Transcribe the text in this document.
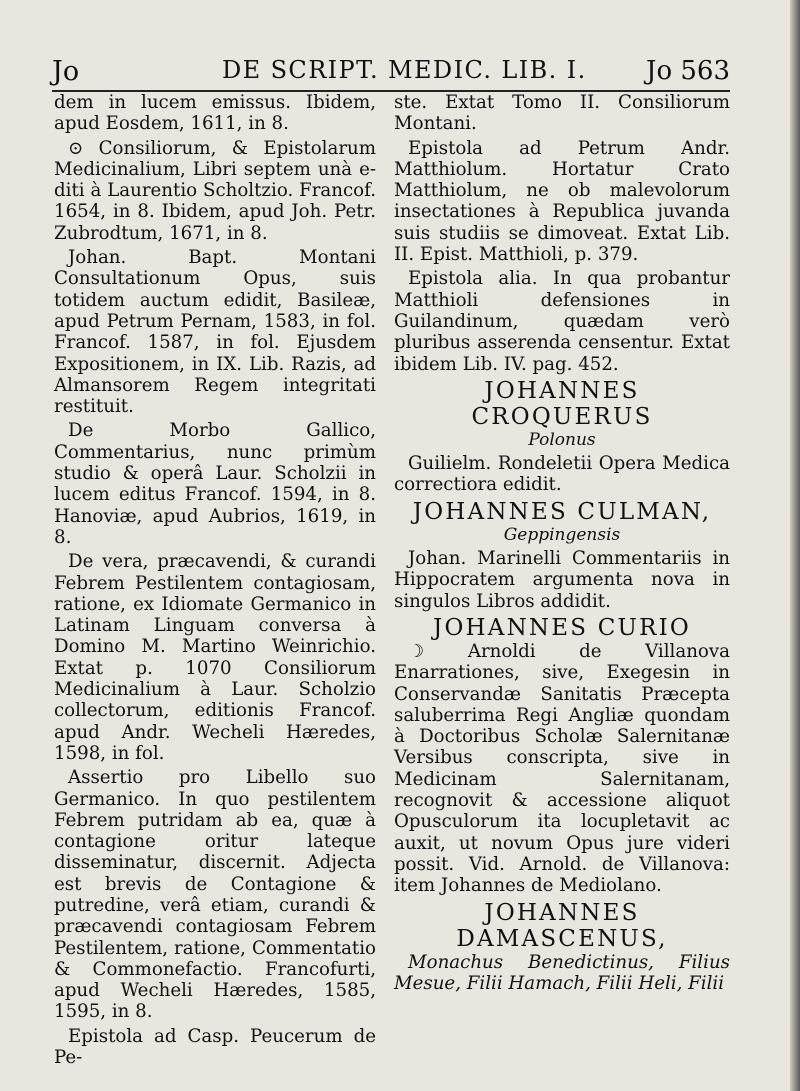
Jo	DE SCRIPT. MEDIC. LIB. I. Jo 563

dem in lucem emissus. Ibidem, apud Eosdem, 1611, in 8.

⊙ Consiliorum, & Epistolarum Medicinalium, Libri septem unà e-diti à Laurentio Scholtzio. Francof. 1654, in 8. Ibidem, apud Joh. Petr. Zubrodtum, 1671, in 8.

Johan. Bapt. Montani Consultationum Opus, suis totidem auctum edidit, Basileæ, apud Petrum Pernam, 1583, in fol. Francof. 1587, in fol. Ejusdem Expositionem, in IX. Lib. Razis, ad Almansorem Regem integritati restituit.

De Morbo Gallico, Commentarius, nunc primùm studio & operâ Laur. Scholzii in lucem editus Francof. 1594, in 8. Hanoviæ, apud Aubrios, 1619, in 8.

De vera, præcavendi, & curandi Febrem Pestilentem contagiosam, ratione, ex Idiomate Germanico in Latinam Linguam conversa à Domino M. Martino Weinrichio. Extat p. 1070 Consiliorum Medicinalium à Laur. Scholzio collectorum, editionis Francof. apud Andr. Wecheli Hæredes, 1598, in fol.

Assertio pro Libello suo Germanico. In quo pestilentem Febrem putridam ab ea, quæ à contagione oritur lateque disseminatur, discernit. Adjecta est brevis de Contagione & putredine, verâ etiam, curandi & præcavendi contagiosam Febrem Pestilentem, ratione, Commentatio & Commonefactio. Francofurti, apud Wecheli Hæredes, 1585, 1595, in 8.

Epistola ad Casp. Peucerum de Pe-

ste. Extat Tomo II. Consiliorum Montani.

Epistola ad Petrum Andr. Matthiolum. Hortatur Crato Matthiolum, ne ob malevolorum insectationes à Republica juvanda suis studiis se dimoveat. Extat Lib. II. Epist. Matthioli, p. 379.

Epistola alia. In qua probantur Matthioli defensiones in Guilandinum, quædam verò pluribus asserenda censentur. Extat ibidem Lib. IV. pag. 452.

JOHANNES CROQUERUS
Polonus

Guilielm. Rondeletii Opera Medica correctiora edidit.

JOHANNES CULMAN,
Geppingensis

Johan. Marinelli Commentariis in Hippocratem argumenta nova in singulos Libros addidit.

JOHANNES CURIO

☽ Arnoldi de Villanova Enarrationes, sive, Exegesin in Conservandæ Sanitatis Præcepta saluberrima Regi Angliæ quondam à Doctoribus Scholæ Salernitanæ Versibus conscripta, sive in Medicinam Salernitanam, recognovit & accessione aliquot Opusculorum ita locupletavit ac auxit, ut novum Opus jure videri possit. Vid. Arnold. de Villanova: item Johannes de Mediolano.

JOHANNES DAMASCENUS,

Monachus Benedictinus, Filius Mesue, Filii Hamach, Filii Heli, Filii
